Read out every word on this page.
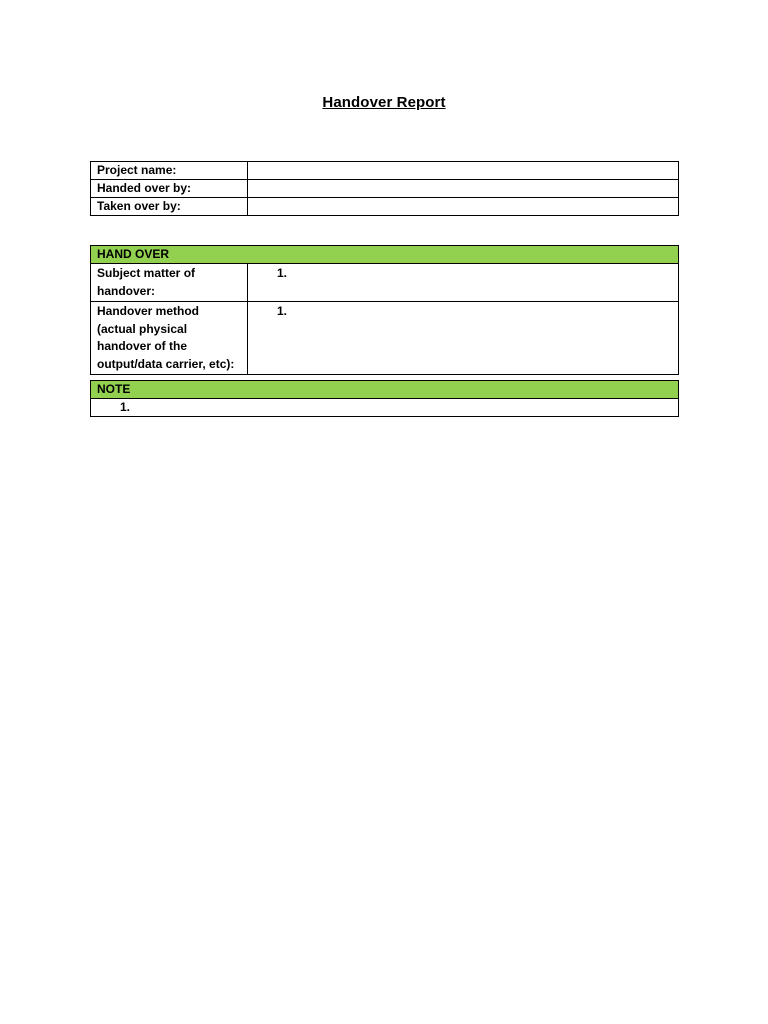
Handover Report
Project name:	
Handed over by:	
Taken over by:	
HAND OVER	
Subject matter of handover:	1.
Handover method (actual physical handover of the output/data carrier, etc):	1.
NOTE
1.
